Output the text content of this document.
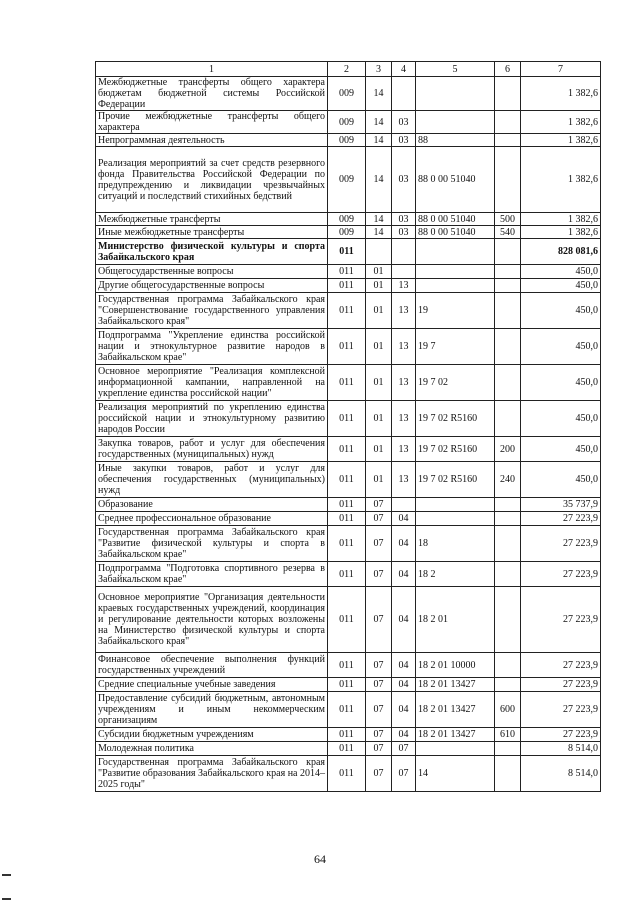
1	2	3	4	5	6	7
Межбюджетные трансферты общего характера бюджетам бюджетной системы Российской Федерации	009	14				1 382,6
Прочие межбюджетные трансферты общего характера	009	14	03			1 382,6
Непрограммная деятельность	009	14	03	88		1 382,6
Реализация мероприятий за счет средств резервного фонда Правительства Российской Федерации по предупреждению и ликвидации чрезвычайных ситуаций и последствий стихийных бедствий	009	14	03	88 0 00 51040		1 382,6
Межбюджетные трансферты	009	14	03	88 0 00 51040	500	1 382,6
Иные межбюджетные трансферты	009	14	03	88 0 00 51040	540	1 382,6
Министерство физической культуры и спорта Забайкальского края	011					828 081,6
Общегосударственные вопросы	011	01				450,0
Другие общегосударственные вопросы	011	01	13			450,0
Государственная программа Забайкальского края "Совершенствование государственного управления Забайкальского края"	011	01	13	19		450,0
Подпрограмма "Укрепление единства российской нации и этнокультурное развитие народов в Забайкальском крае"	011	01	13	19 7		450,0
Основное мероприятие "Реализация комплексной информационной кампании, направленной на укрепление единства российской нации"	011	01	13	19 7 02		450,0
Реализация мероприятий по укреплению единства российской нации и этнокультурному развитию народов России	011	01	13	19 7 02 R5160		450,0
Закупка товаров, работ и услуг для обеспечения государственных (муниципальных) нужд	011	01	13	19 7 02 R5160	200	450,0
Иные закупки товаров, работ и услуг для обеспечения государственных (муниципальных) нужд	011	01	13	19 7 02 R5160	240	450,0
Образование	011	07				35 737,9
Среднее профессиональное образование	011	07	04			27 223,9
Государственная программа Забайкальского края "Развитие физической культуры и спорта в Забайкальском крае"	011	07	04	18		27 223,9
Подпрограмма "Подготовка спортивного резерва в Забайкальском крае"	011	07	04	18 2		27 223,9
Основное мероприятие "Организация деятельности краевых государственных учреждений, координация и регулирование деятельности которых возложены на Министерство физической культуры и спорта Забайкальского края"	011	07	04	18 2 01		27 223,9
Финансовое обеспечение выполнения функций государственных учреждений	011	07	04	18 2 01 10000		27 223,9
Средние специальные учебные заведения	011	07	04	18 2 01 13427		27 223,9
Предоставление субсидий бюджетным, автономным учреждениям и иным некоммерческим организациям	011	07	04	18 2 01 13427	600	27 223,9
Субсидии бюджетным учреждениям	011	07	04	18 2 01 13427	610	27 223,9
Молодежная политика	011	07	07			8 514,0
Государственная программа Забайкальского края "Развитие образования Забайкальского края на 2014–2025 годы"	011	07	07	14		8 514,0
64
